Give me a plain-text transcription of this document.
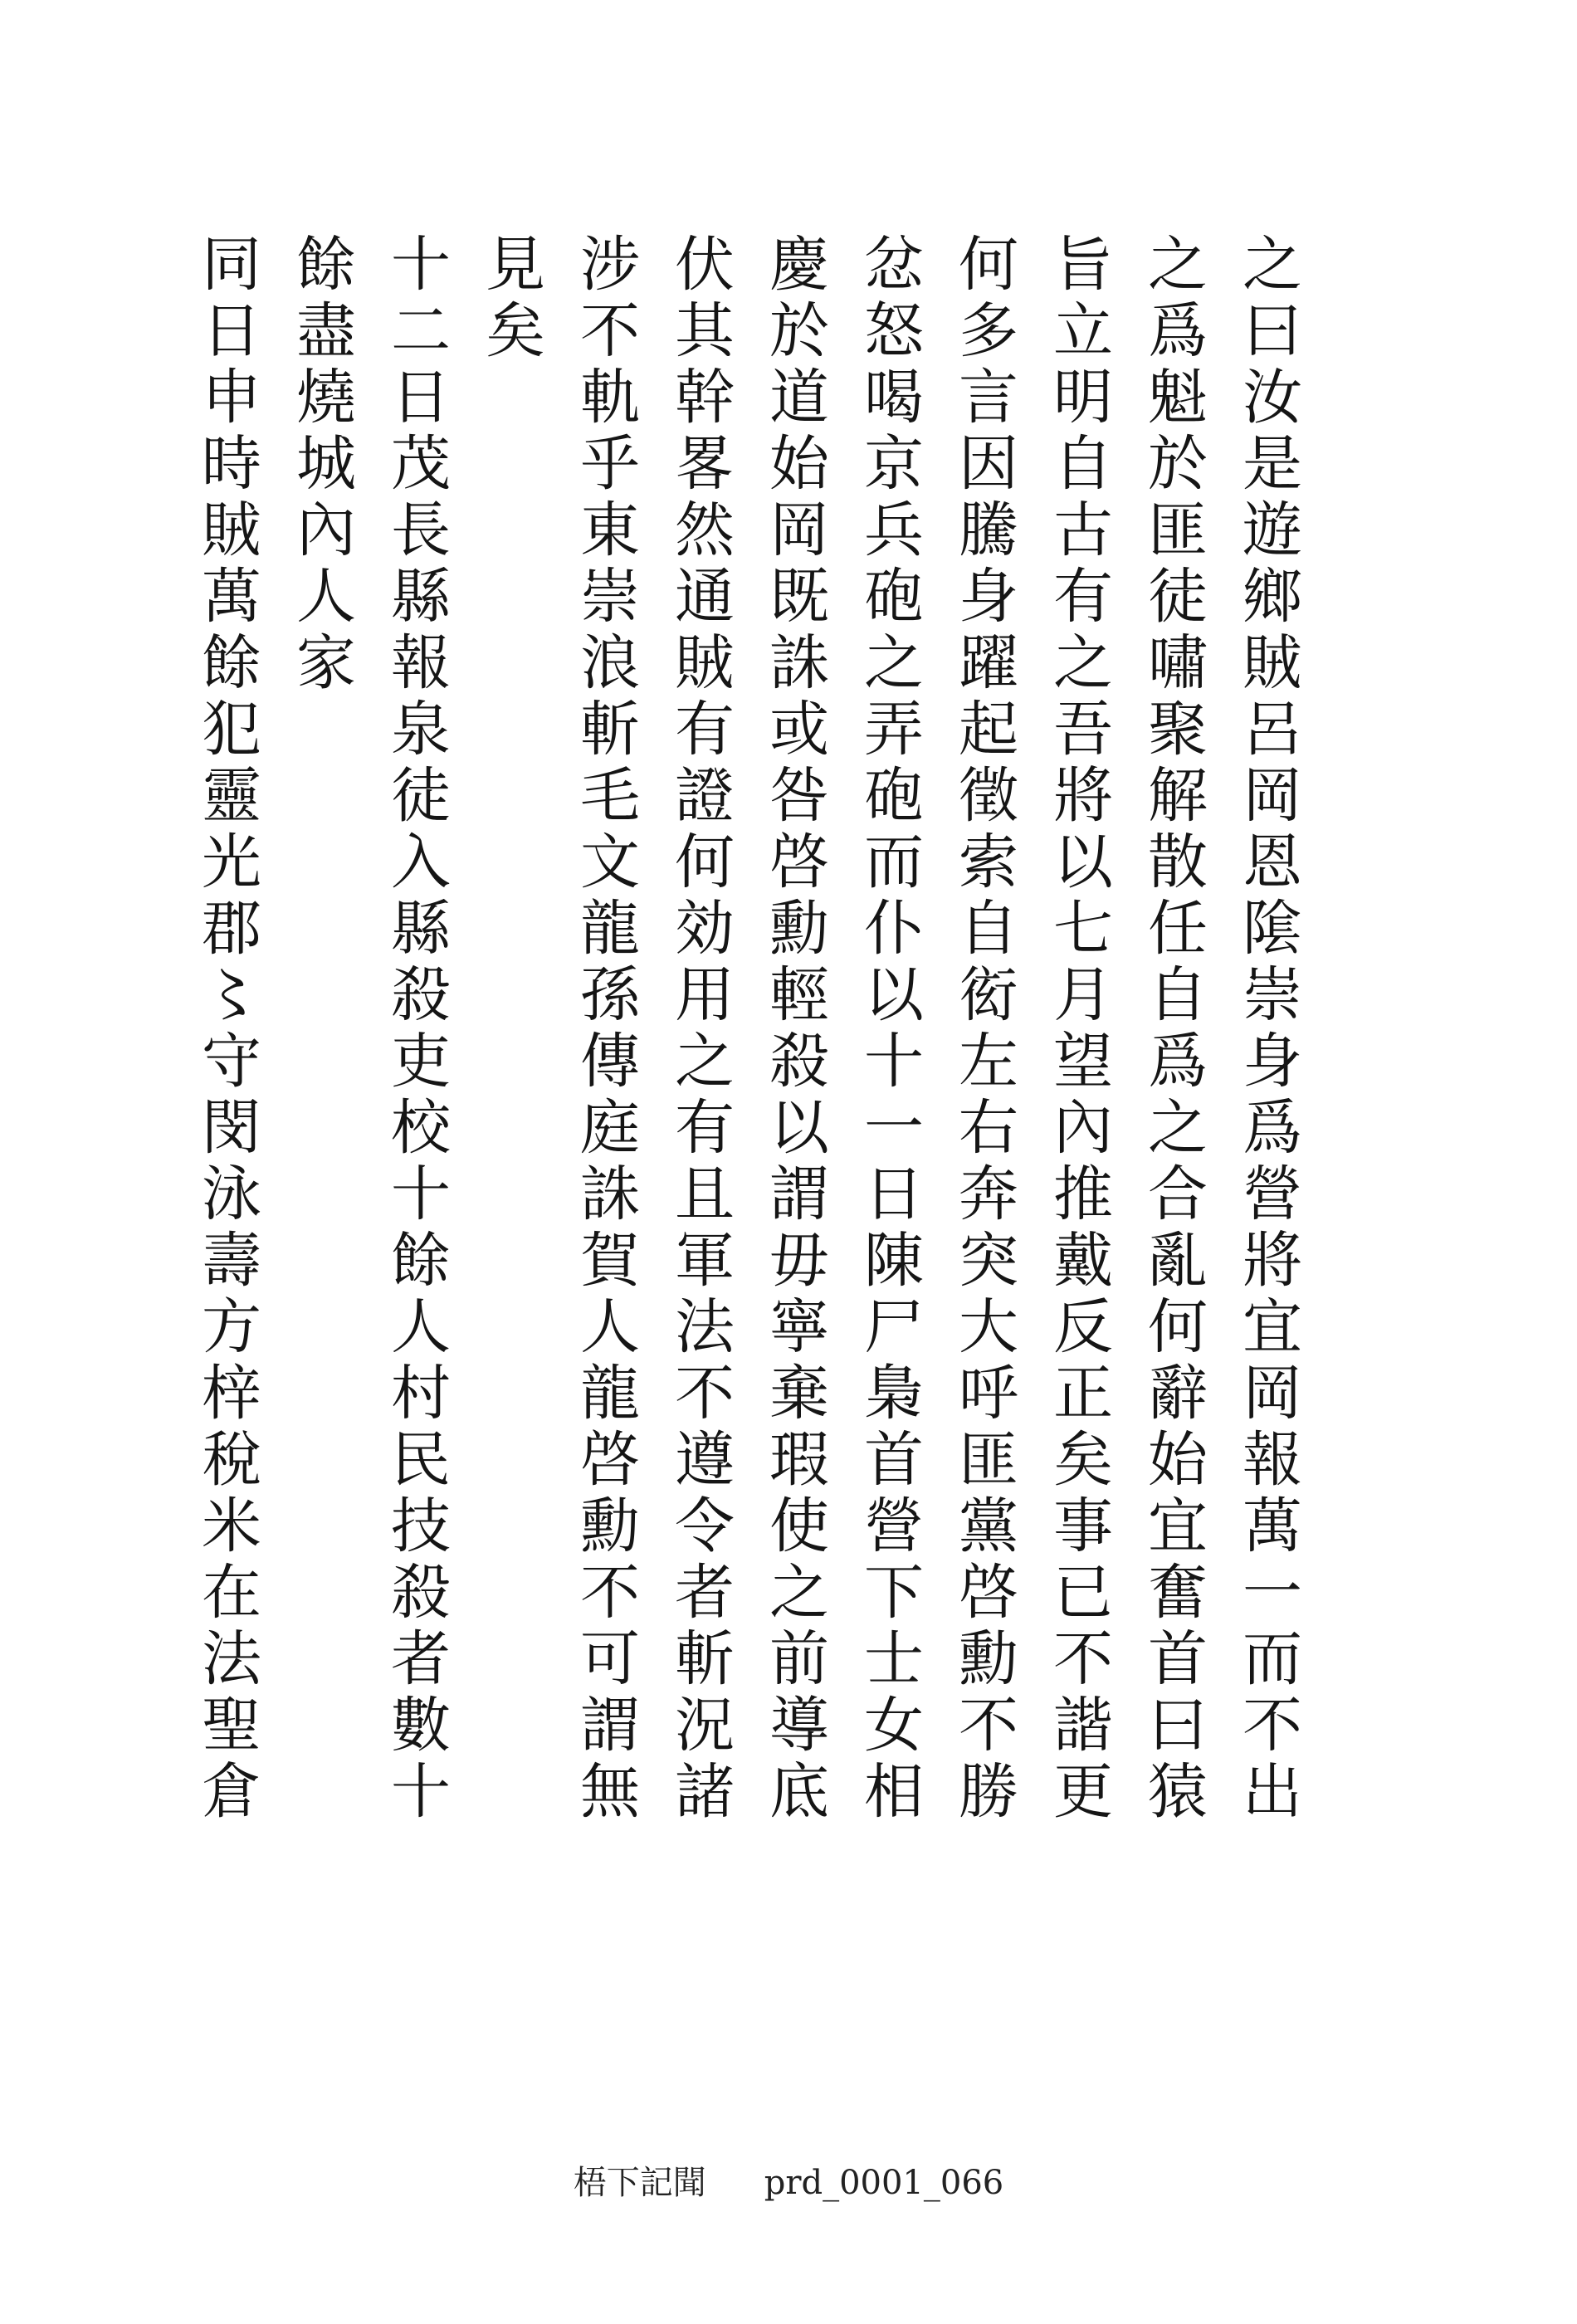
之曰汝是遊鄉賊呂岡恩隂崇身爲營將宜岡報萬一而不出
之爲魁於匪徒嘯聚解散任自爲之合亂何辭始宜奮首曰猿
旨立明自古有之吾將以七月望內推戴反正矣事已不諧更
何多言因騰身躍起徵索自衒左右奔突大呼匪黨啓勳不勝
忿怒喝京兵砲之弄砲而仆以十一日陳尸梟首營下士女相
慶於道始岡既誅或咎啓勳輕殺以謂毋寧棄瑕使之前導底
伏其幹畧然通賊有證何効用之有且軍法不遵令者斬況諸
涉不軌乎東崇浪斬毛文龍孫傳庭誅賀人龍啓勳不可謂無
見矣
十二日茂長縣報泉徒入縣殺吏校十餘人村民技殺者數十
餘盡燒城內人家
同日申時賊萬餘犯靈光郡〻守閔泳壽方梓稅米在法聖倉
梧下記聞 prd_0001_066
